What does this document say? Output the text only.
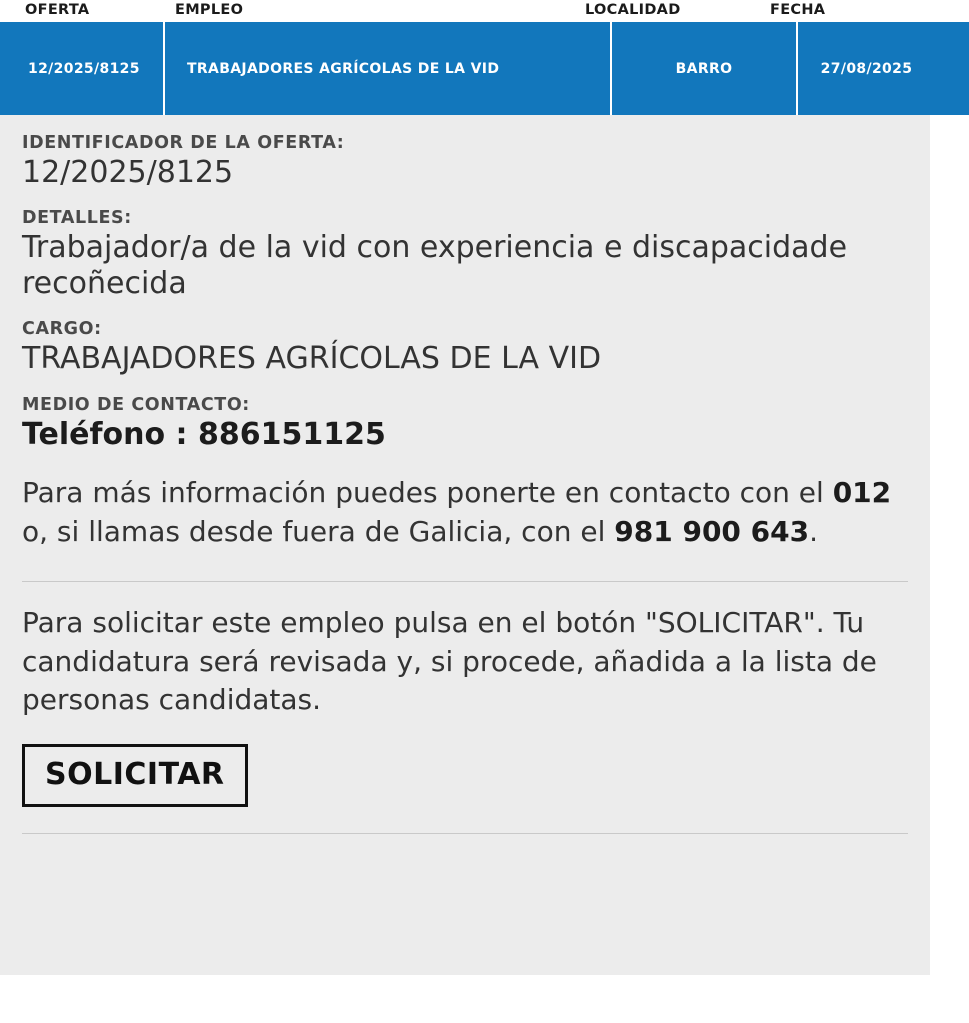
OFERTA	EMPLEO	LOCALIDAD	FECHA
12/2025/8125	TRABAJADORES AGRÍCOLAS DE LA VID	BARRO	27/08/2025
IDENTIFICADOR DE LA OFERTA:
12/2025/8125
DETALLES:
Trabajador/a de la vid con experiencia e discapacidade recoñecida
CARGO:
TRABAJADORES AGRÍCOLAS DE LA VID
MEDIO DE CONTACTO:
Teléfono : 886151125

Para más información puedes ponerte en contacto con el 012 o, si llamas desde fuera de Galicia, con el 981 900 643.

Para solicitar este empleo pulsa en el botón "SOLICITAR". Tu candidatura será revisada y, si procede, añadida a la lista de personas candidatas.

SOLICITAR
